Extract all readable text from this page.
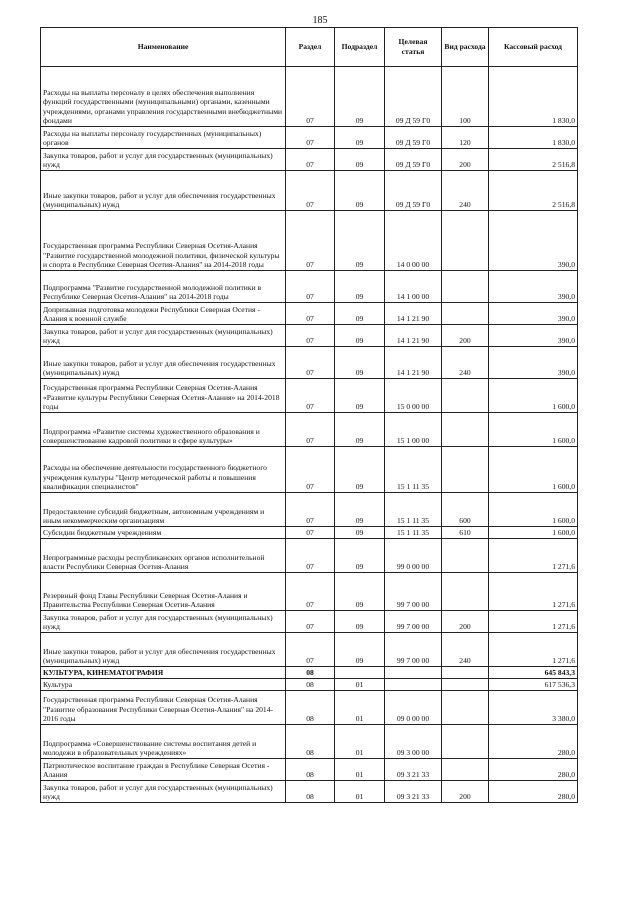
185
Наименование	Раздел	Подраздел	Целевая статья	Вид расхода	Кассовый расход
Расходы на выплаты персоналу в целях обеспечения выполнения функций государственными (муниципальными) органами, казенными учреждениями, органами управления государственными внебюджетными фондами	07	09	09 Д 59 Г0	100	1 830,0
Расходы на выплаты персоналу государственных (муниципальных) органов	07	09	09 Д 59 Г0	120	1 830,0
Закупка товаров, работ и услуг для государственных (муниципальных) нужд	07	09	09 Д 59 Г0	200	2 516,8
Иные закупки товаров, работ и услуг для обеспечения государственных (муниципальных) нужд	07	09	09 Д 59 Г0	240	2 516,8
Государственная программа Республики Северная Осетия-Алания "Развитие государственной молодежной политики, физической культуры и спорта в Республике Северная Осетия-Алания" на 2014-2018 годы	07	09	14 0 00 00		390,0
Подпрограмма "Развитие государственной молодежной политики в Республике Северная Осетия-Алания" на 2014-2018 годы	07	09	14 1 00 00		390,0
Допризывная подготовка молодежи Республики Северная Осетия - Алания к военной службе	07	09	14 1 21 90		390,0
Закупка товаров, работ и услуг для государственных (муниципальных) нужд	07	09	14 1 21 90	200	390,0
Иные закупки товаров, работ и услуг для обеспечения государственных (муниципальных) нужд	07	09	14 1 21 90	240	390,0
Государственная программа Республики Северная Осетия-Алания «Развитие культуры Республики Северная Осетия-Алания» на 2014-2018 годы	07	09	15 0 00 00		1 600,0
Подпрограмма «Развитие системы художественного образования и совершенствование кадровой политики в сфере культуры»	07	09	15 1 00 00		1 600,0
Расходы на обеспечение деятельности государственного бюджетного учреждения культуры "Центр методической работы и повышения квалификации специалистов"	07	09	15 1 11 35		1 600,0
Предоставление субсидий бюджетным, автономным учреждениям и иным некоммерческим организациям	07	09	15 1 11 35	600	1 600,0
Субсидии бюджетным учреждениям	07	09	15 1 11 35	610	1 600,0
Непрограммные расходы республиканских органов исполнительной власти Республики Северная Осетия-Алания	07	09	99 0 00 00		1 271,6
Резервный фонд Главы Республики Северная Осетия-Алания и Правительства Республики Северная Осетия-Алания	07	09	99 7 00 00		1 271,6
Закупка товаров, работ и услуг для государственных (муниципальных) нужд	07	09	99 7 00 00	200	1 271,6
Иные закупки товаров, работ и услуг для обеспечения государственных (муниципальных) нужд	07	09	99 7 00 00	240	1 271,6
КУЛЬТУРА, КИНЕМАТОГРАФИЯ	08				645 843,3
Культура	08	01			617 536,3
Государственная программа Республики Северная Осетия-Алания "Развитие образования Республики Северная Осетия-Алания" на 2014-2016 годы	08	01	09 0 00 00		3 380,0
Подпрограмма «Совершенствование системы воспитания детей и молодежи в образовательных учреждениях»	08	01	09 3 00 00		280,0
Патриотическое воспитание граждан в Республике Северная Осетия - Алания	08	01	09 3 21 33		280,0
Закупка товаров, работ и услуг для государственных (муниципальных) нужд	08	01	09 3 21 33	200	280,0
